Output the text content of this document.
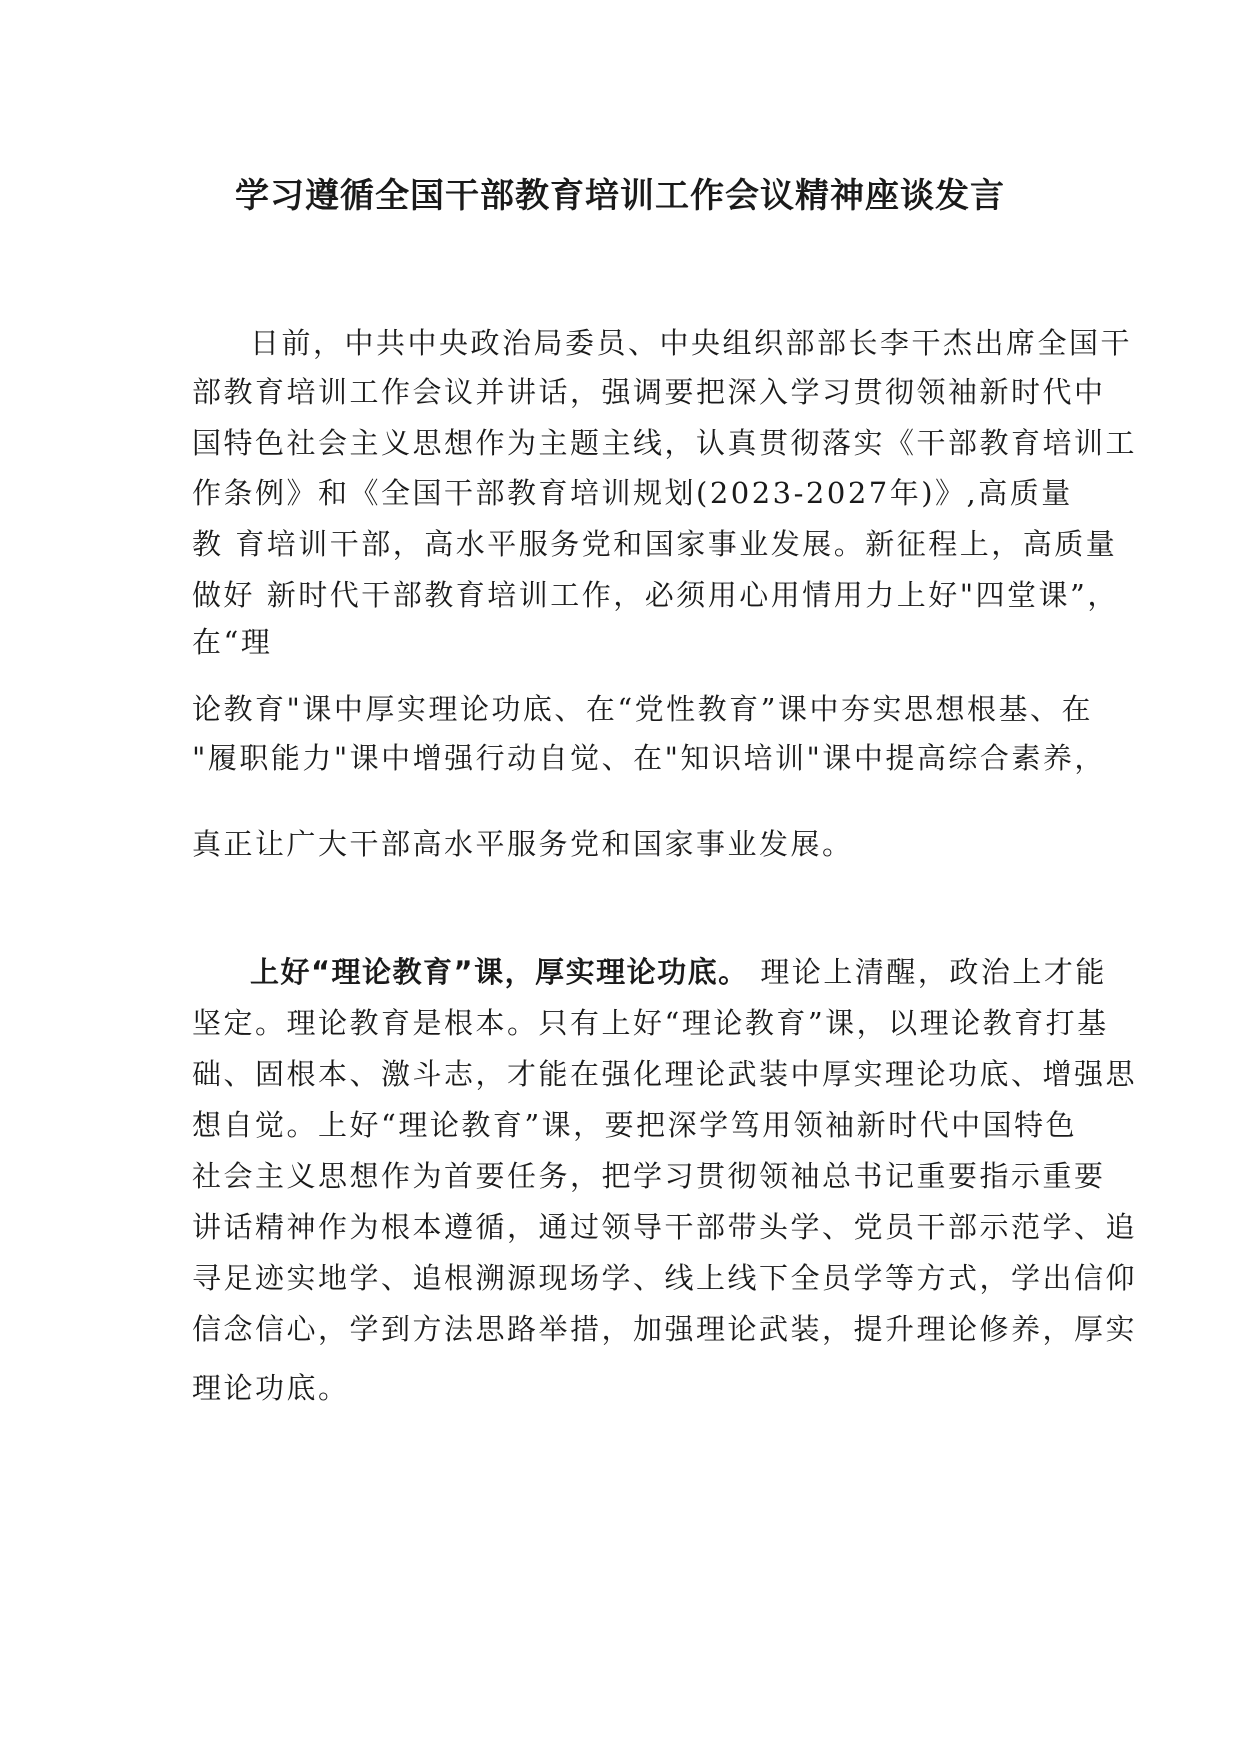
学习遵循全国干部教育培训工作会议精神座谈发言
日前，中共中央政治局委员、中央组织部部长李干杰出席全国干
部教育培训工作会议并讲话，强调要把深入学习贯彻领袖新时代中
国特色社会主义思想作为主题主线，认真贯彻落实《干部教育培训工
作条例》和《全国干部教育培训规划(2023-2027年)》,高质量
教 育培训干部，高水平服务党和国家事业发展。新征程上，高质量
做好 新时代干部教育培训工作，必须用心用情用力上好"四堂课”，
在“理
论教育"课中厚实理论功底、在“党性教育”课中夯实思想根基、在
"履职能力"课中增强行动自觉、在"知识培训"课中提高综合素养，
真正让广大干部高水平服务党和国家事业发展。
上好“理论教育”课，厚实理论功底。 理论上清醒，政治上才能
坚定。理论教育是根本。只有上好“理论教育”课，以理论教育打基
础、固根本、激斗志，才能在强化理论武装中厚实理论功底、增强思
想自觉。上好“理论教育”课，要把深学笃用领袖新时代中国特色
社会主义思想作为首要任务，把学习贯彻领袖总书记重要指示重要
讲话精神作为根本遵循，通过领导干部带头学、党员干部示范学、追
寻足迹实地学、追根溯源现场学、线上线下全员学等方式，学出信仰
信念信心，学到方法思路举措，加强理论武装，提升理论修养，厚实
理论功底。
